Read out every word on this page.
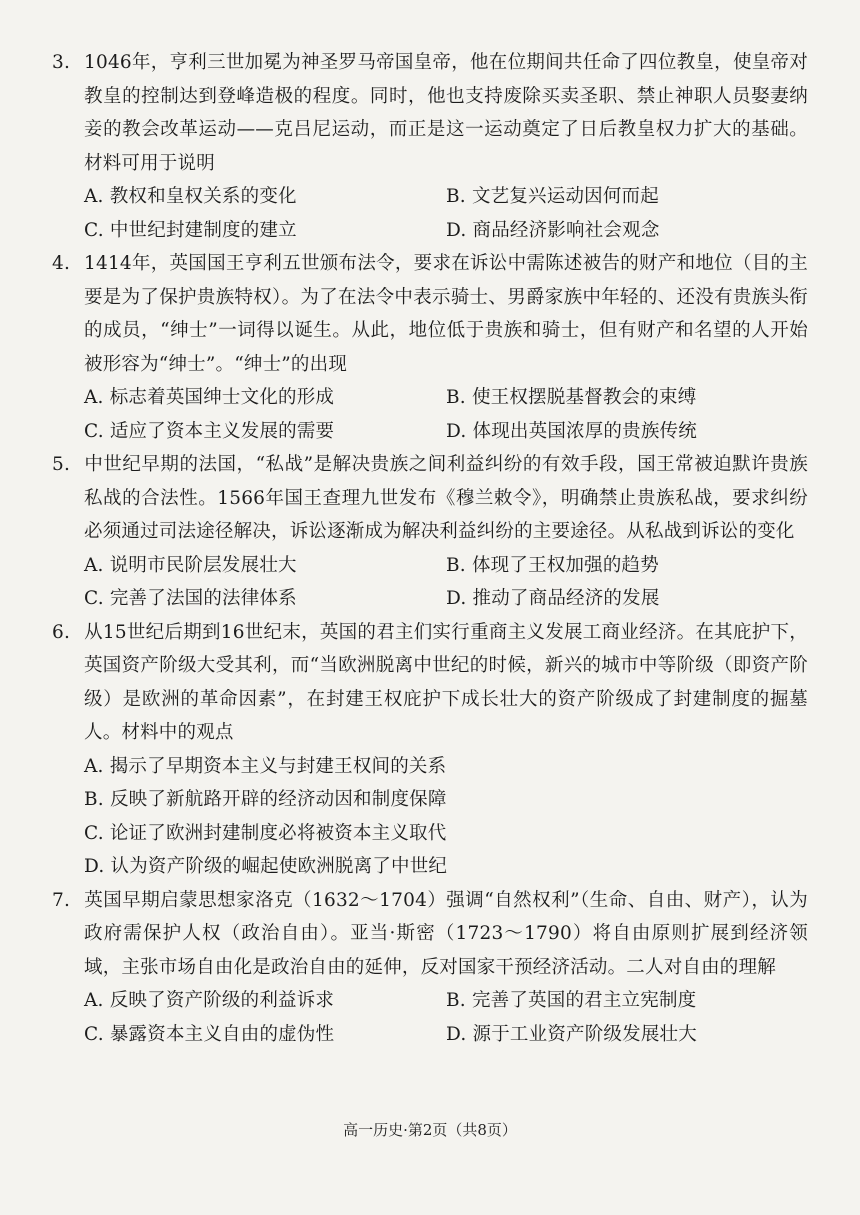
3. 1046年，亨利三世加冕为神圣罗马帝国皇帝，他在位期间共任命了四位教皇，使皇帝对教皇的控制达到登峰造极的程度。同时，他也支持废除买卖圣职、禁止神职人员娶妻纳妾的教会改革运动——克吕尼运动，而正是这一运动奠定了日后教皇权力扩大的基础。材料可用于说明

A. 教权和皇权关系的变化	B. 文艺复兴运动因何而起
C. 中世纪封建制度的建立	D. 商品经济影响社会观念

4. 1414年，英国国王亨利五世颁布法令，要求在诉讼中需陈述被告的财产和地位（目的主要是为了保护贵族特权）。为了在法令中表示骑士、男爵家族中年轻的、还没有贵族头衔的成员，“绅士”一词得以诞生。从此，地位低于贵族和骑士，但有财产和名望的人开始被形容为“绅士”。“绅士”的出现

A. 标志着英国绅士文化的形成	B. 使王权摆脱基督教会的束缚
C. 适应了资本主义发展的需要	D. 体现出英国浓厚的贵族传统

5. 中世纪早期的法国，“私战”是解决贵族之间利益纠纷的有效手段，国王常被迫默许贵族私战的合法性。1566年国王查理九世发布《穆兰敕令》，明确禁止贵族私战，要求纠纷必须通过司法途径解决，诉讼逐渐成为解决利益纠纷的主要途径。从私战到诉讼的变化

A. 说明市民阶层发展壮大	B. 体现了王权加强的趋势
C. 完善了法国的法律体系	D. 推动了商品经济的发展

6. 从15世纪后期到16世纪末，英国的君主们实行重商主义发展工商业经济。在其庇护下，英国资产阶级大受其利，而“当欧洲脱离中世纪的时候，新兴的城市中等阶级（即资产阶级）是欧洲的革命因素”，在封建王权庇护下成长壮大的资产阶级成了封建制度的掘墓人。材料中的观点

A. 揭示了早期资本主义与封建王权间的关系
B. 反映了新航路开辟的经济动因和制度保障
C. 论证了欧洲封建制度必将被资本主义取代
D. 认为资产阶级的崛起使欧洲脱离了中世纪

7. 英国早期启蒙思想家洛克（1632～1704）强调“自然权利”（生命、自由、财产），认为政府需保护人权（政治自由）。亚当·斯密（1723～1790）将自由原则扩展到经济领域，主张市场自由化是政治自由的延伸，反对国家干预经济活动。二人对自由的理解

A. 反映了资产阶级的利益诉求	B. 完善了英国的君主立宪制度
C. 暴露资本主义自由的虚伪性	D. 源于工业资产阶级发展壮大
高一历史·第2页（共8页）
